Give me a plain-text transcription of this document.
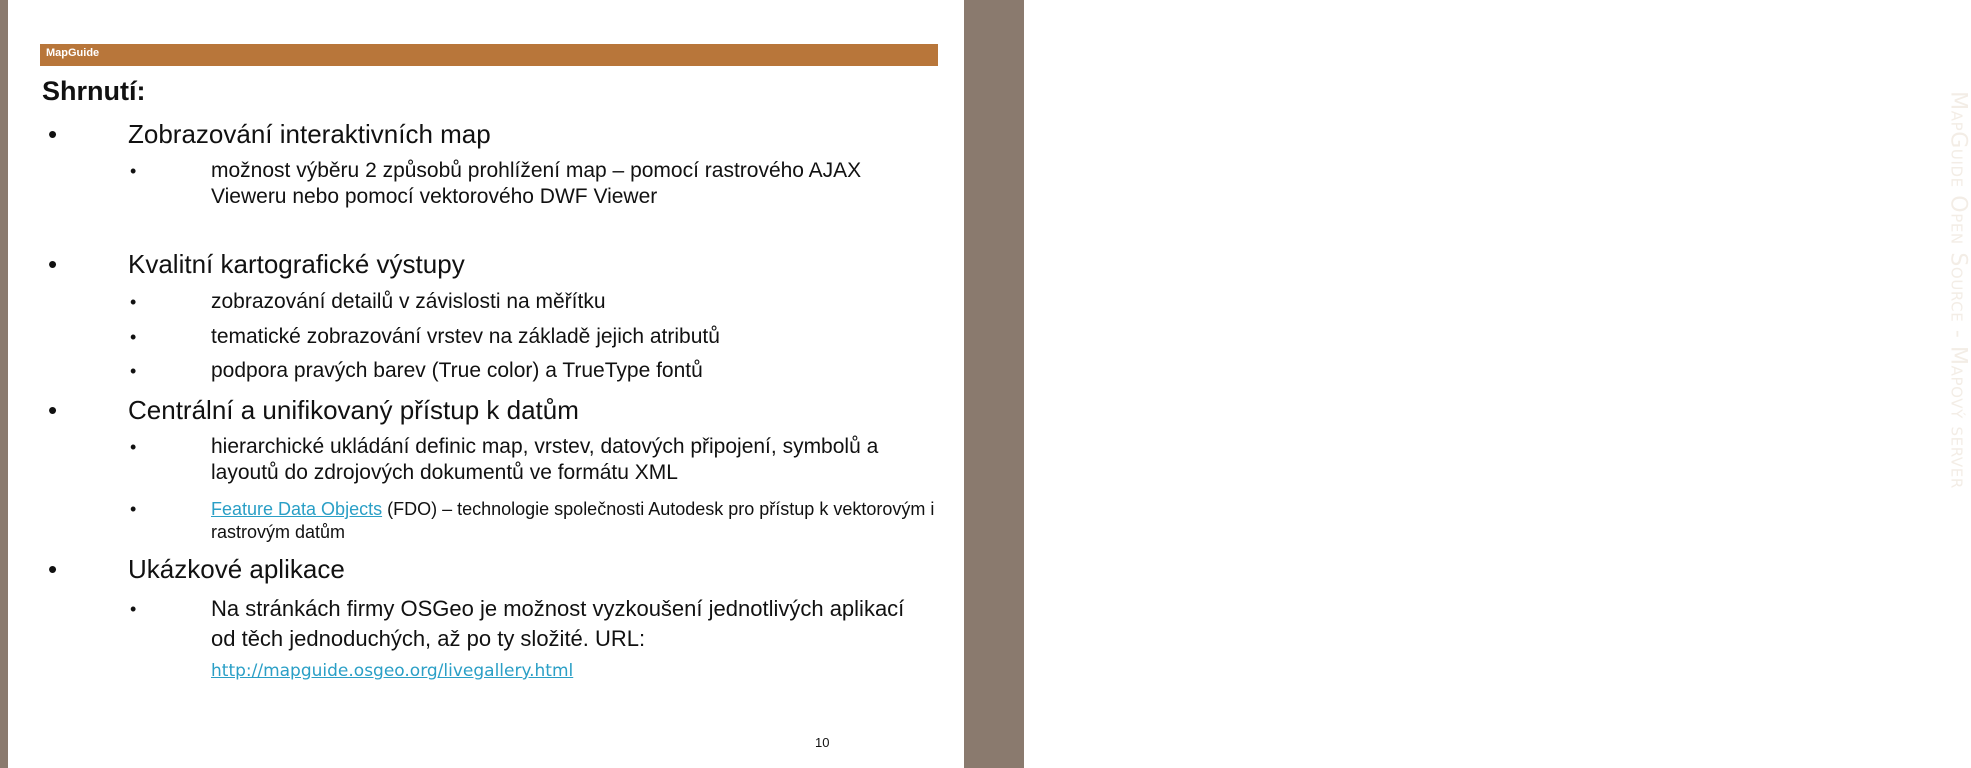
MapGuide Open Source - Mapový server
MapGuide
Shrnutí:
•	Zobrazování interaktivních map
•	možnost výběru 2 způsobů prohlížení map – pomocí rastrového AJAX Vieweru nebo pomocí vektorového DWF Viewer
•	Kvalitní kartografické výstupy
•	zobrazování detailů v závislosti na měřítku
•	tematické zobrazování vrstev na základě jejich atributů
•	podpora pravých barev (True color) a TrueType fontů
•	Centrální a unifikovaný přístup k datům
•	hierarchické ukládání definic map, vrstev, datových připojení, symbolů a layoutů do zdrojových dokumentů ve formátu XML
•	Feature Data Objects (FDO) – technologie společnosti Autodesk pro přístup k vektorovým i rastrovým datům
•	Ukázkové aplikace
•	Na stránkách firmy OSGeo je možnost vyzkoušení jednotlivých aplikací od těch jednoduchých, až po ty složité. URL: http://mapguide.osgeo.org/livegallery.html
10
